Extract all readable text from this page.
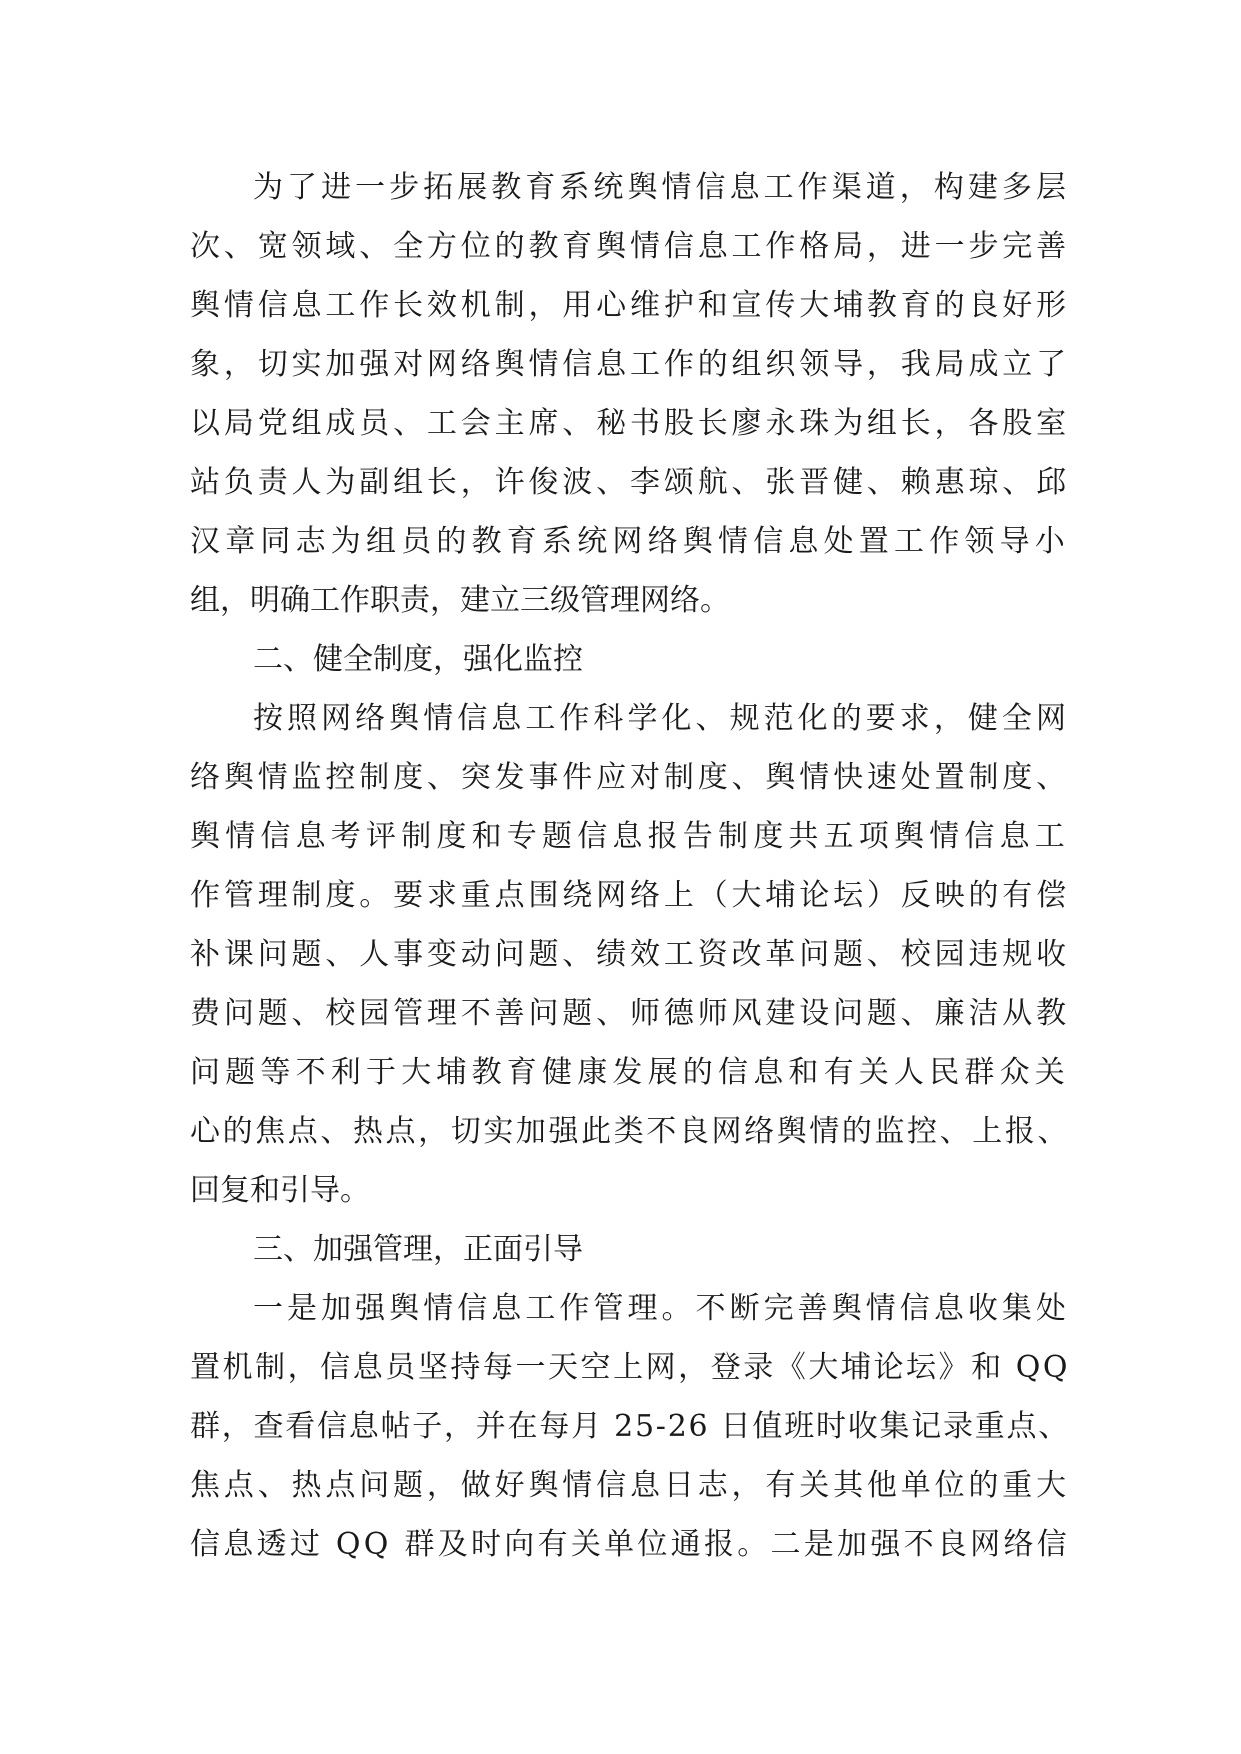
为了进一步拓展教育系统舆情信息工作渠道，构建多层
次、宽领域、全方位的教育舆情信息工作格局，进一步完善
舆情信息工作长效机制，用心维护和宣传大埔教育的良好形
象，切实加强对网络舆情信息工作的组织领导，我局成立了
以局党组成员、工会主席、秘书股长廖永珠为组长，各股室
站负责人为副组长，许俊波、李颂航、张晋健、赖惠琼、邱
汉章同志为组员的教育系统网络舆情信息处置工作领导小
组，明确工作职责，建立三级管理网络。
二、健全制度，强化监控
按照网络舆情信息工作科学化、规范化的要求，健全网
络舆情监控制度、突发事件应对制度、舆情快速处置制度、
舆情信息考评制度和专题信息报告制度共五项舆情信息工
作管理制度。要求重点围绕网络上（大埔论坛）反映的有偿
补课问题、人事变动问题、绩效工资改革问题、校园违规收
费问题、校园管理不善问题、师德师风建设问题、廉洁从教
问题等不利于大埔教育健康发展的信息和有关人民群众关
心的焦点、热点，切实加强此类不良网络舆情的监控、上报、
回复和引导。
三、加强管理，正面引导
一是加强舆情信息工作管理。不断完善舆情信息收集处
置机制，信息员坚持每一天空上网，登录《大埔论坛》和 QQ
群，查看信息帖子，并在每月 25-26 日值班时收集记录重点、
焦点、热点问题，做好舆情信息日志，有关其他单位的重大
信息透过 QQ 群及时向有关单位通报。二是加强不良网络信
